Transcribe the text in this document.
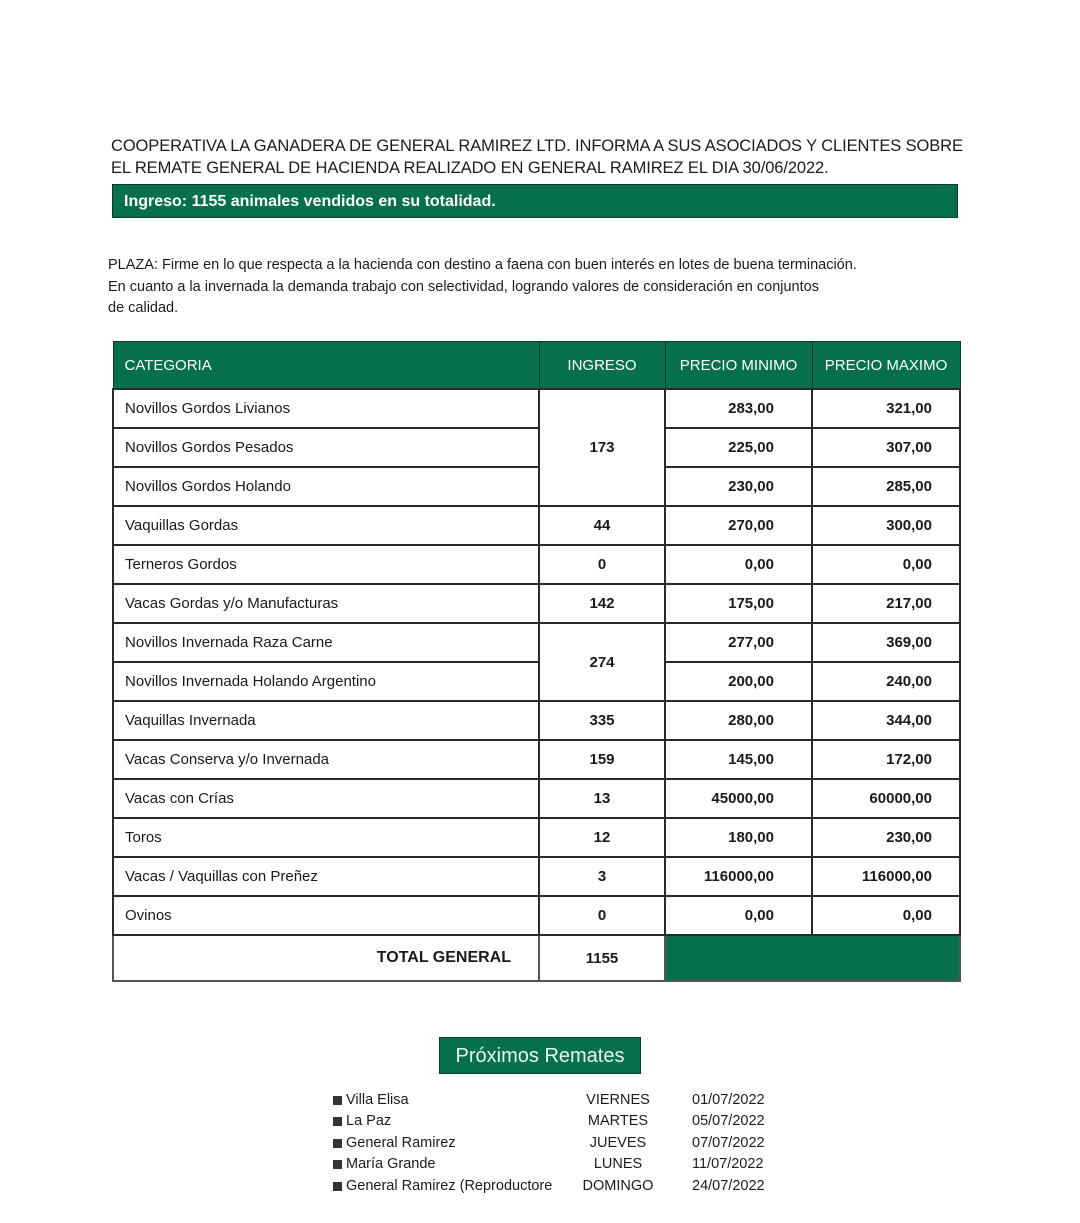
COOPERATIVA LA GANADERA DE GENERAL RAMIREZ LTD. INFORMA A SUS ASOCIADOS Y CLIENTES SOBRE
EL REMATE GENERAL DE HACIENDA REALIZADO EN GENERAL RAMIREZ EL DIA 30/06/2022.
Ingreso: 1155 animales vendidos en su totalidad.
PLAZA: Firme en lo que respecta a la hacienda con destino a faena con buen interés en lotes de buena terminación.
En cuanto a la invernada la demanda trabajo con selectividad, logrando valores de consideración en conjuntos
de calidad.
CATEGORIA	INGRESO	PRECIO MINIMO	PRECIO MAXIMO
Novillos Gordos Livianos	173	283,00	321,00
Novillos Gordos Pesados		225,00	307,00
Novillos Gordos Holando		230,00	285,00
Vaquillas Gordas	44	270,00	300,00
Terneros Gordos	0	0,00	0,00
Vacas Gordas y/o Manufacturas	142	175,00	217,00
Novillos Invernada Raza Carne	274	277,00	369,00
Novillos Invernada Holando Argentino		200,00	240,00
Vaquillas Invernada	335	280,00	344,00
Vacas Conserva y/o Invernada	159	145,00	172,00
Vacas con Crías	13	45000,00	60000,00
Toros	12	180,00	230,00
Vacas / Vaquillas con Preñez	3	116000,00	116000,00
Ovinos	0	0,00	0,00
TOTAL GENERAL	1155		
Próximos Remates
Villa Elisa	VIERNES	01/07/2022
La Paz	MARTES	05/07/2022
General Ramirez	JUEVES	07/07/2022
María Grande	LUNES	11/07/2022
General Ramirez (Reproductore	DOMINGO	24/07/2022
